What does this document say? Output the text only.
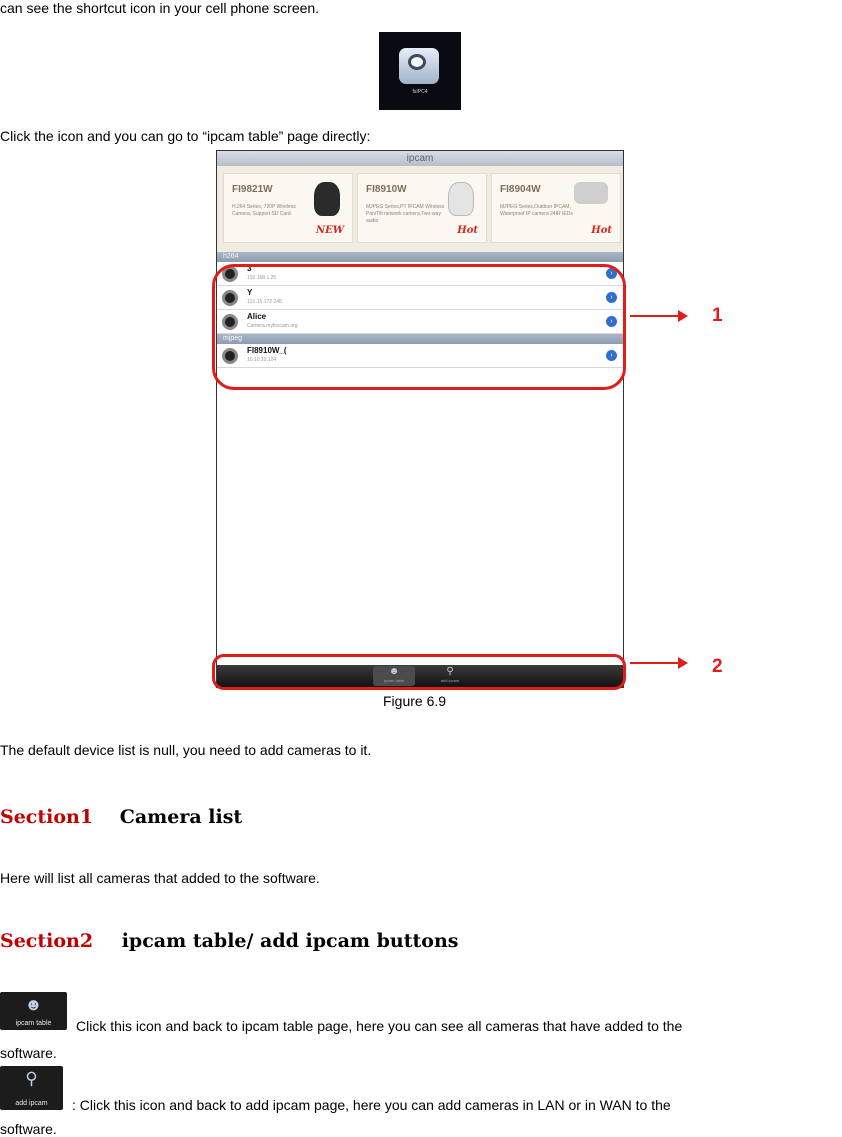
can see the shortcut icon in your cell phone screen.
fsIPC4
Click the icon and you can go to “ipcam table” page directly:
ipcam
FI9821W
H.264 Series, 720P Wireless Camera, Support SD Card
NEW
FI8910W
MJPEG Series,PT IPCAM Wireless Pan/Tilt network camera,Two-way audio
Hot
FI8904W
MJPEG Series,Outdoor IPCAM, Waterproof IP camera 24IR IEDs
Hot
h264
3
192.168.1.25
›
Y
121.15.172.248
›
Alice
Camera.myfoscam.org
›
mjpeg
FI8910W_(
10.10.10.104
›
☻
ipcam table
⚲
add ipcam
1
2
Figure 6.9
The default device list is null, you need to add cameras to it.
Section1 Camera list
Here will list all cameras that added to the software.
Section2 ipcam table/ add ipcam buttons
☻
ipcam table	Click this icon and back to ipcam table page, here you can see all cameras that have added to the
software.
⚲
add ipcam	: Click this icon and back to add ipcam page, here you can add cameras in LAN or in WAN to the
software.
